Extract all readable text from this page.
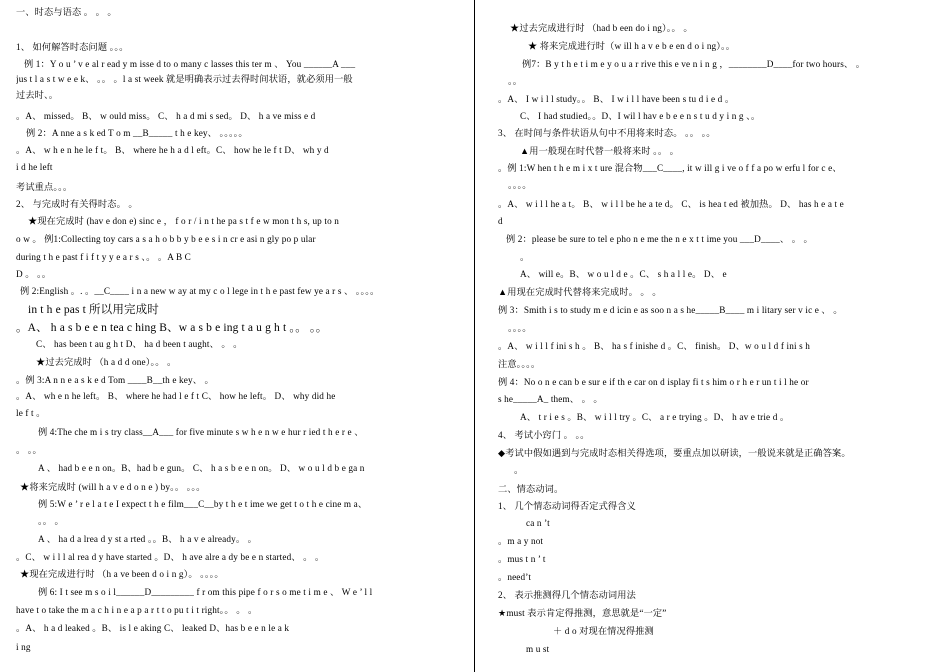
一、时态与语态 。 。 。
1、 如何解答时态问题 。。。
例 1：Y o u ’ v e al r ead y m isse d to o many c lasses this ter m 、 You ______A ___
jus t l a s t w e e k、 。。 。l a st week 就是明确表示过去得时间状语，就必须用一般
过去时、。
。A、 missed。 B、 w ould miss。 C、 h a d mi s sed。 D、 h a ve miss e d
例 2：A nne a s k ed T o m __B_____ t h e key、 。。。。。
。A、 w h e n he le f t。 B、 where he h a d l eft。C、 how he le f t D、 wh y d
i d he left
考试重点。。。
2、 与完成时有关得时态。 。
★现在完成时 (hav e don e) sinc e ， f o r / i n t he pa s t f e w mon t h s, up to n
o w 。 例1:Collecting toy cars a s a h o b b y b e e s i n cr e asi n gly po p ular
during t h e past f i f t y y e a r s 、。 。A B C
D 。 。。
例 2:English 。. 。__C____ i n a new w ay at my c o l lege in t h e past few ye a r s 、 。。。。
in t h e pas t 所以用完成时
。A、 h a s b e e n tea c hing B、w a s b e ing t a u g h t 。。 。。
C、 has been t au g h t D、 ha d been t aught、 。 。
★过去完成时 （h a d d one）。。 。
。例 3:A n n e a s k e d Tom ____B__th e key、 。
。A、 wh e n he left。 B、 where he had l e f t C、 how he left。 D、 why did he
le f t 。
例 4:The che m i s try class__A___ for five minute s w h e n w e hur r ied t h e r e 、
。 。。
A 、 had b e e n on。B、had b e gun。 C、 h a s b e e n on。 D、 w o u l d b e ga n
★将来完成时 (will h a v e d o n e ) by。。 。。。
例 5:W e ’ r e l a t e I expect t h e film___C__by t h e t ime we get t o t h e cine m a、
。。 。
A 、 ha d a lrea d y st a rted 。。B、 h a v e already。 。
。C、 w i l l al rea d y have started 。D、 h ave alre a dy be e n started、 。 。
★现在完成进行时 （h a ve been d o i n g）。 。。。。
例 6: I t see m s o i l______D_________ f r om this pipe f o r s o me t i m e 、 W e ’ l l
have t o take the m a c h i n e a p a r t t o pu t i t right。。 。 。
。A、 h a d leaked 。B、 is l e aking C、 leaked D、has b e e n le a k
i ng
★过去完成进行时 （had b een do i ng）。。 。
★ 将来完成进行时（w ill h a v e b e en d o i ng）。。
例7：B y t h e t i m e y o u a r rive this e ve n i n g ，________D____for two hours、 。
。。
。A、 I w i l l study。。 B、 I w i l l have been s tu d i e d 。
C、 I had studied。。D、I wil l hav e b e e n s t u d y i n g 、。
3、 在时间与条件状语从句中不用将来时态。 。。 。。
▲用一般现在时代替一般将来时 。。 。
。例 1:W hen t h e m i x t ure 混合物___C____, it w ill g i ve o f f a po w erfu l for c e、
。。。。
。A、 w i l l he a t。 B、 w i l l be he a te d。 C、 is hea t ed 被加热。 D、 has h e a t e
d
例 2：please be sure to tel e pho n e me the n e x t t ime you ___D____、 。 。
。
A、 will e。B、 w o u l d e 。C、 s h a l l e。 D、 e
▲用现在完成时代替将来完成时。 。 。
例 3：Smith i s to study m e d icin e as soo n a s he_____B____ m i litary ser v ic e 、 。
。。。。
。A、 w i l l f ini s h 。 B、 ha s f inishe d 。C、 finish。 D、w o u l d f ini s h
注意。。。。
例 4：No o n e can b e sur e if th e car on d isplay fi t s him o r h e r un t i l he or
s he_____A_ them、 。 。
A、 t r i e s 。B、 w i l l try 。C、 a r e trying 。D、 h av e trie d 。
4、 考试小窍门 。 。。
◆考试中假如遇到与完成时态相关得选项，要重点加以研读，一般说来就是正确答案。
。
二、情态动词。
1、 几个情态动词得否定式得含义
ca n ’t
。m a y not
。mus t n ’ t
。need’t
2、 表示推测得几个情态动词用法
★must 表示肯定得推测，意思就是“一定”
＋ d o 对现在情况得推测
m u st
